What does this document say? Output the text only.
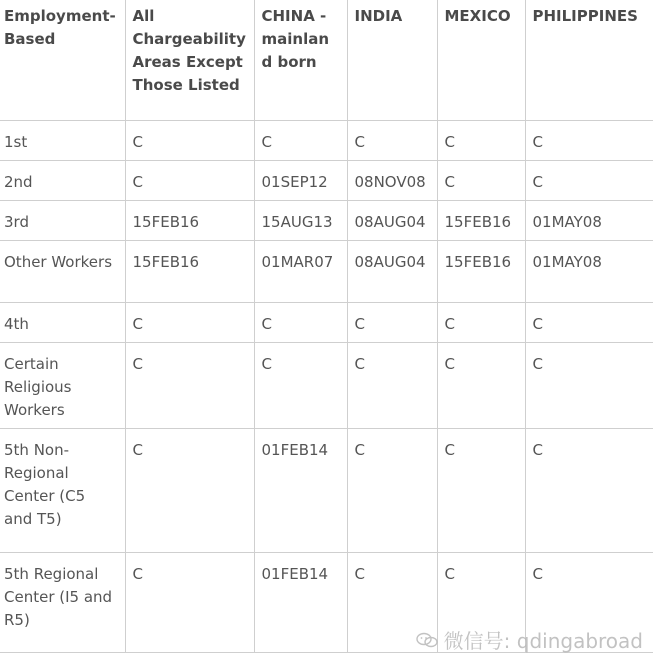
Employment-Based	All Chargeability Areas Except Those Listed	CHINA - mainland born	INDIA	MEXICO	PHILIPPINES
1st	C	C	C	C	C
2nd	C	01SEP12	08NOV08	C	C
3rd	15FEB16	15AUG13	08AUG04	15FEB16	01MAY08
Other Workers	15FEB16	01MAR07	08AUG04	15FEB16	01MAY08
4th	C	C	C	C	C
Certain Religious Workers	C	C	C	C	C
5th Non-Regional Center (C5 and T5)	C	01FEB14	C	C	C
5th Regional Center (I5 and R5)	C	01FEB14	C	C	C
微信号: qdingabroad
